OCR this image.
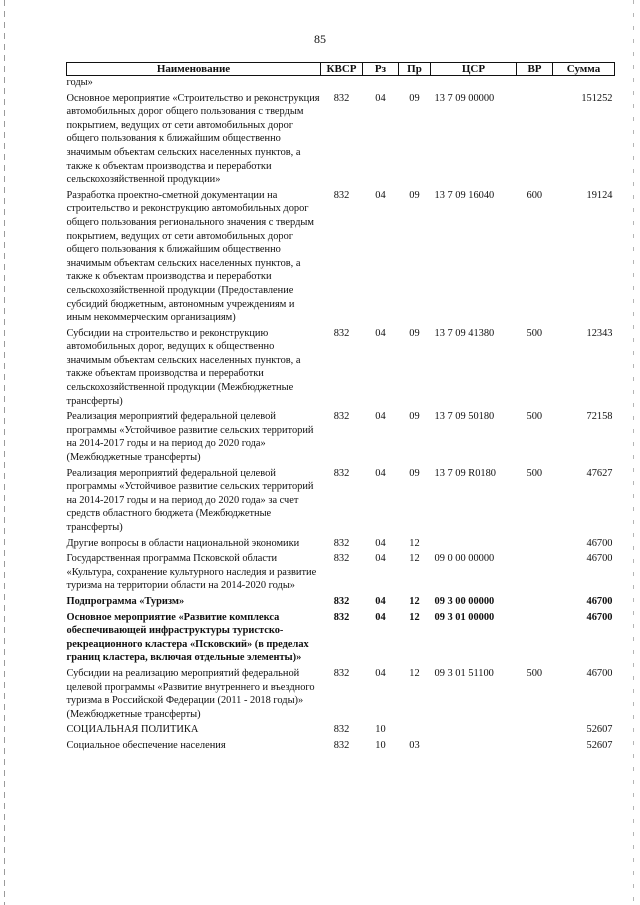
85
Наименование	КВСР	Рз	Пр	ЦСР	ВР	Сумма
годы»						
Основное мероприятие «Строительство и реконструкция автомобильных дорог общего пользования с твердым покрытием, ведущих от сети автомобильных дорог общего пользования к ближайшим общественно значимым объектам сельских населенных пунктов, а также к объектам производства и переработки сельскохозяйственной продукции»	832	04	09	13 7 09 00000		151252
Разработка проектно-сметной документации на строительство и реконструкцию автомобильных дорог общего пользования регионального значения с твердым покрытием, ведущих от сети автомобильных дорог общего пользования к ближайшим общественно значимым объектам сельских населенных пунктов, а также к объектам производства и переработки сельскохозяйственной продукции (Предоставление субсидий бюджетным, автономным учреждениям и иным некоммерческим организациям)	832	04	09	13 7 09 16040	600	19124
Субсидии на строительство и реконструкцию автомобильных дорог, ведущих к общественно значимым объектам сельских населенных пунктов, а также объектам производства и переработки сельскохозяйственной продукции (Межбюджетные трансферты)	832	04	09	13 7 09 41380	500	12343
Реализация мероприятий федеральной целевой программы «Устойчивое развитие сельских территорий на 2014-2017 годы и на период до 2020 года» (Межбюджетные трансферты)	832	04	09	13 7 09 50180	500	72158
Реализация мероприятий федеральной целевой программы «Устойчивое развитие сельских территорий на 2014-2017 годы и на период до 2020 года» за счет средств областного бюджета (Межбюджетные трансферты)	832	04	09	13 7 09 R0180	500	47627
Другие вопросы в области национальной экономики	832	04	12			46700
Государственная программа Псковской области «Культура, сохранение культурного наследия и развитие туризма на территории области на 2014-2020 годы»	832	04	12	09 0 00 00000		46700
Подпрограмма «Туризм»	832	04	12	09 3 00 00000		46700
Основное мероприятие «Развитие комплекса обеспечивающей инфраструктуры туристско-рекреационного кластера «Псковский» (в пределах границ кластера, включая отдельные элементы)»	832	04	12	09 3 01 00000		46700
Субсидии на реализацию мероприятий федеральной целевой программы «Развитие внутреннего и въездного туризма в Российской Федерации (2011 - 2018 годы)» (Межбюджетные трансферты)	832	04	12	09 3 01 51100	500	46700
СОЦИАЛЬНАЯ ПОЛИТИКА	832	10				52607
Социальное обеспечение населения	832	10	03			52607
